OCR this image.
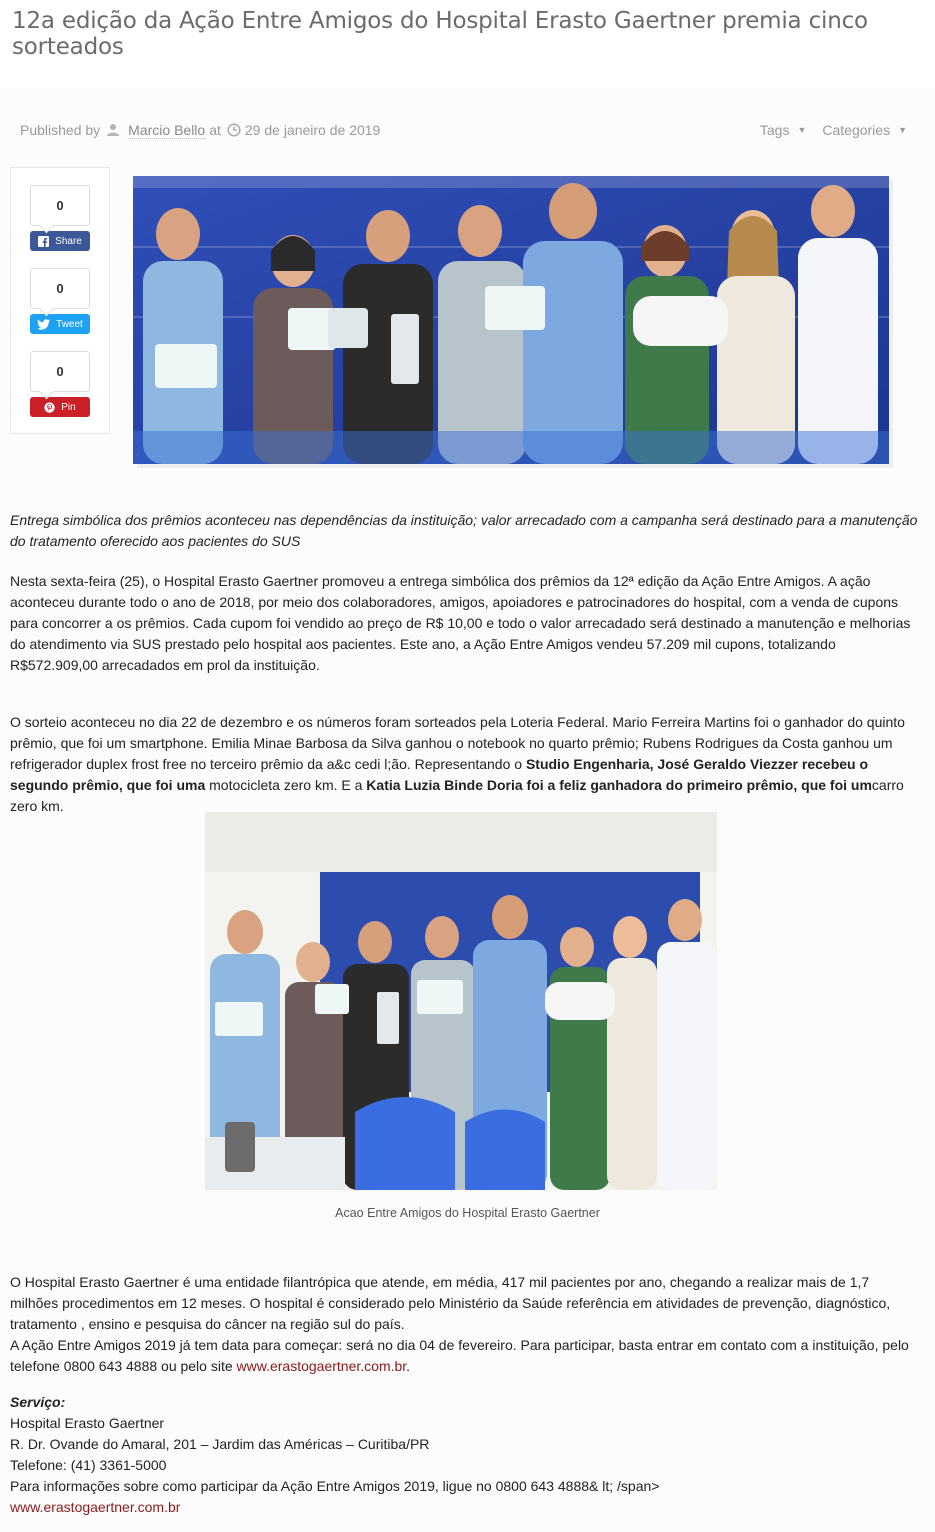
12a edição da Ação Entre Amigos do Hospital Erasto Gaertner premia cinco sorteados
Published by Marcio Bello at 29 de janeiro de 2019	Tags ▼ Categories ▼
0
Share
0
Tweet
0
Pin

Entrega simbólica dos prêmios aconteceu nas dependências da instituição; valor arrecadado com a campanha será destinado para a manutenção do tratamento oferecido aos pacientes do SUS

Nesta sexta-feira (25), o Hospital Erasto Gaertner promoveu a entrega simbólica dos prêmios da 12ª edição da Ação Entre Amigos. A ação aconteceu durante todo o ano de 2018, por meio dos colaboradores, amigos, apoiadores e patrocinadores do hospital, com a venda de cupons para concorrer a os prêmios. Cada cupom foi vendido ao preço de R$ 10,00 e todo o valor arrecadado será destinado a manutenção e melhorias do atendimento via SUS prestado pelo hospital aos pacientes. Este ano, a Ação Entre Amigos vendeu 57.209 mil cupons, totalizando R$572.909,00 arrecadados em prol da instituição.

O sorteio aconteceu no dia 22 de dezembro e os números foram sorteados pela Loteria Federal. Mario Ferreira Martins foi o ganhador do quinto prêmio, que foi um smartphone. Emilia Minae Barbosa da Silva ganhou o notebook no quarto prêmio; Rubens Rodrigues da Costa ganhou um refrigerador duplex frost free no terceiro prêmio da a&c cedi l;ão. Representando o Studio Engenharia, José Geraldo Viezzer recebeu o segundo prêmio, que foi uma motocicleta zero km. E a Katia Luzia Binde Doria foi a feliz ganhadora do primeiro prêmio, que foi umcarro zero km.

Acao Entre Amigos do Hospital Erasto Gaertner

O Hospital Erasto Gaertner é uma entidade filantrópica que atende, em média, 417 mil pacientes por ano, chegando a realizar mais de 1,7 milhões procedimentos em 12 meses. O hospital é considerado pelo Ministério da Saúde referência em atividades de prevenção, diagnóstico, tratamento , ensino e pesquisa do câncer na região sul do país.

A Ação Entre Amigos 2019 já tem data para começar: será no dia 04 de fevereiro. Para participar, basta entrar em contato com a instituição, pelo telefone 0800 643 4888 ou pelo site www.erastogaertner.com.br.

Serviço:

Hospital Erasto Gaertner

R. Dr. Ovande do Amaral, 201 – Jardim das Américas – Curitiba/PR

Telefone: (41) 3361-5000

Para informações sobre como participar da Ação Entre Amigos 2019, ligue no 0800 643 4888& lt; /span>

www.erastogaertner.com.br
